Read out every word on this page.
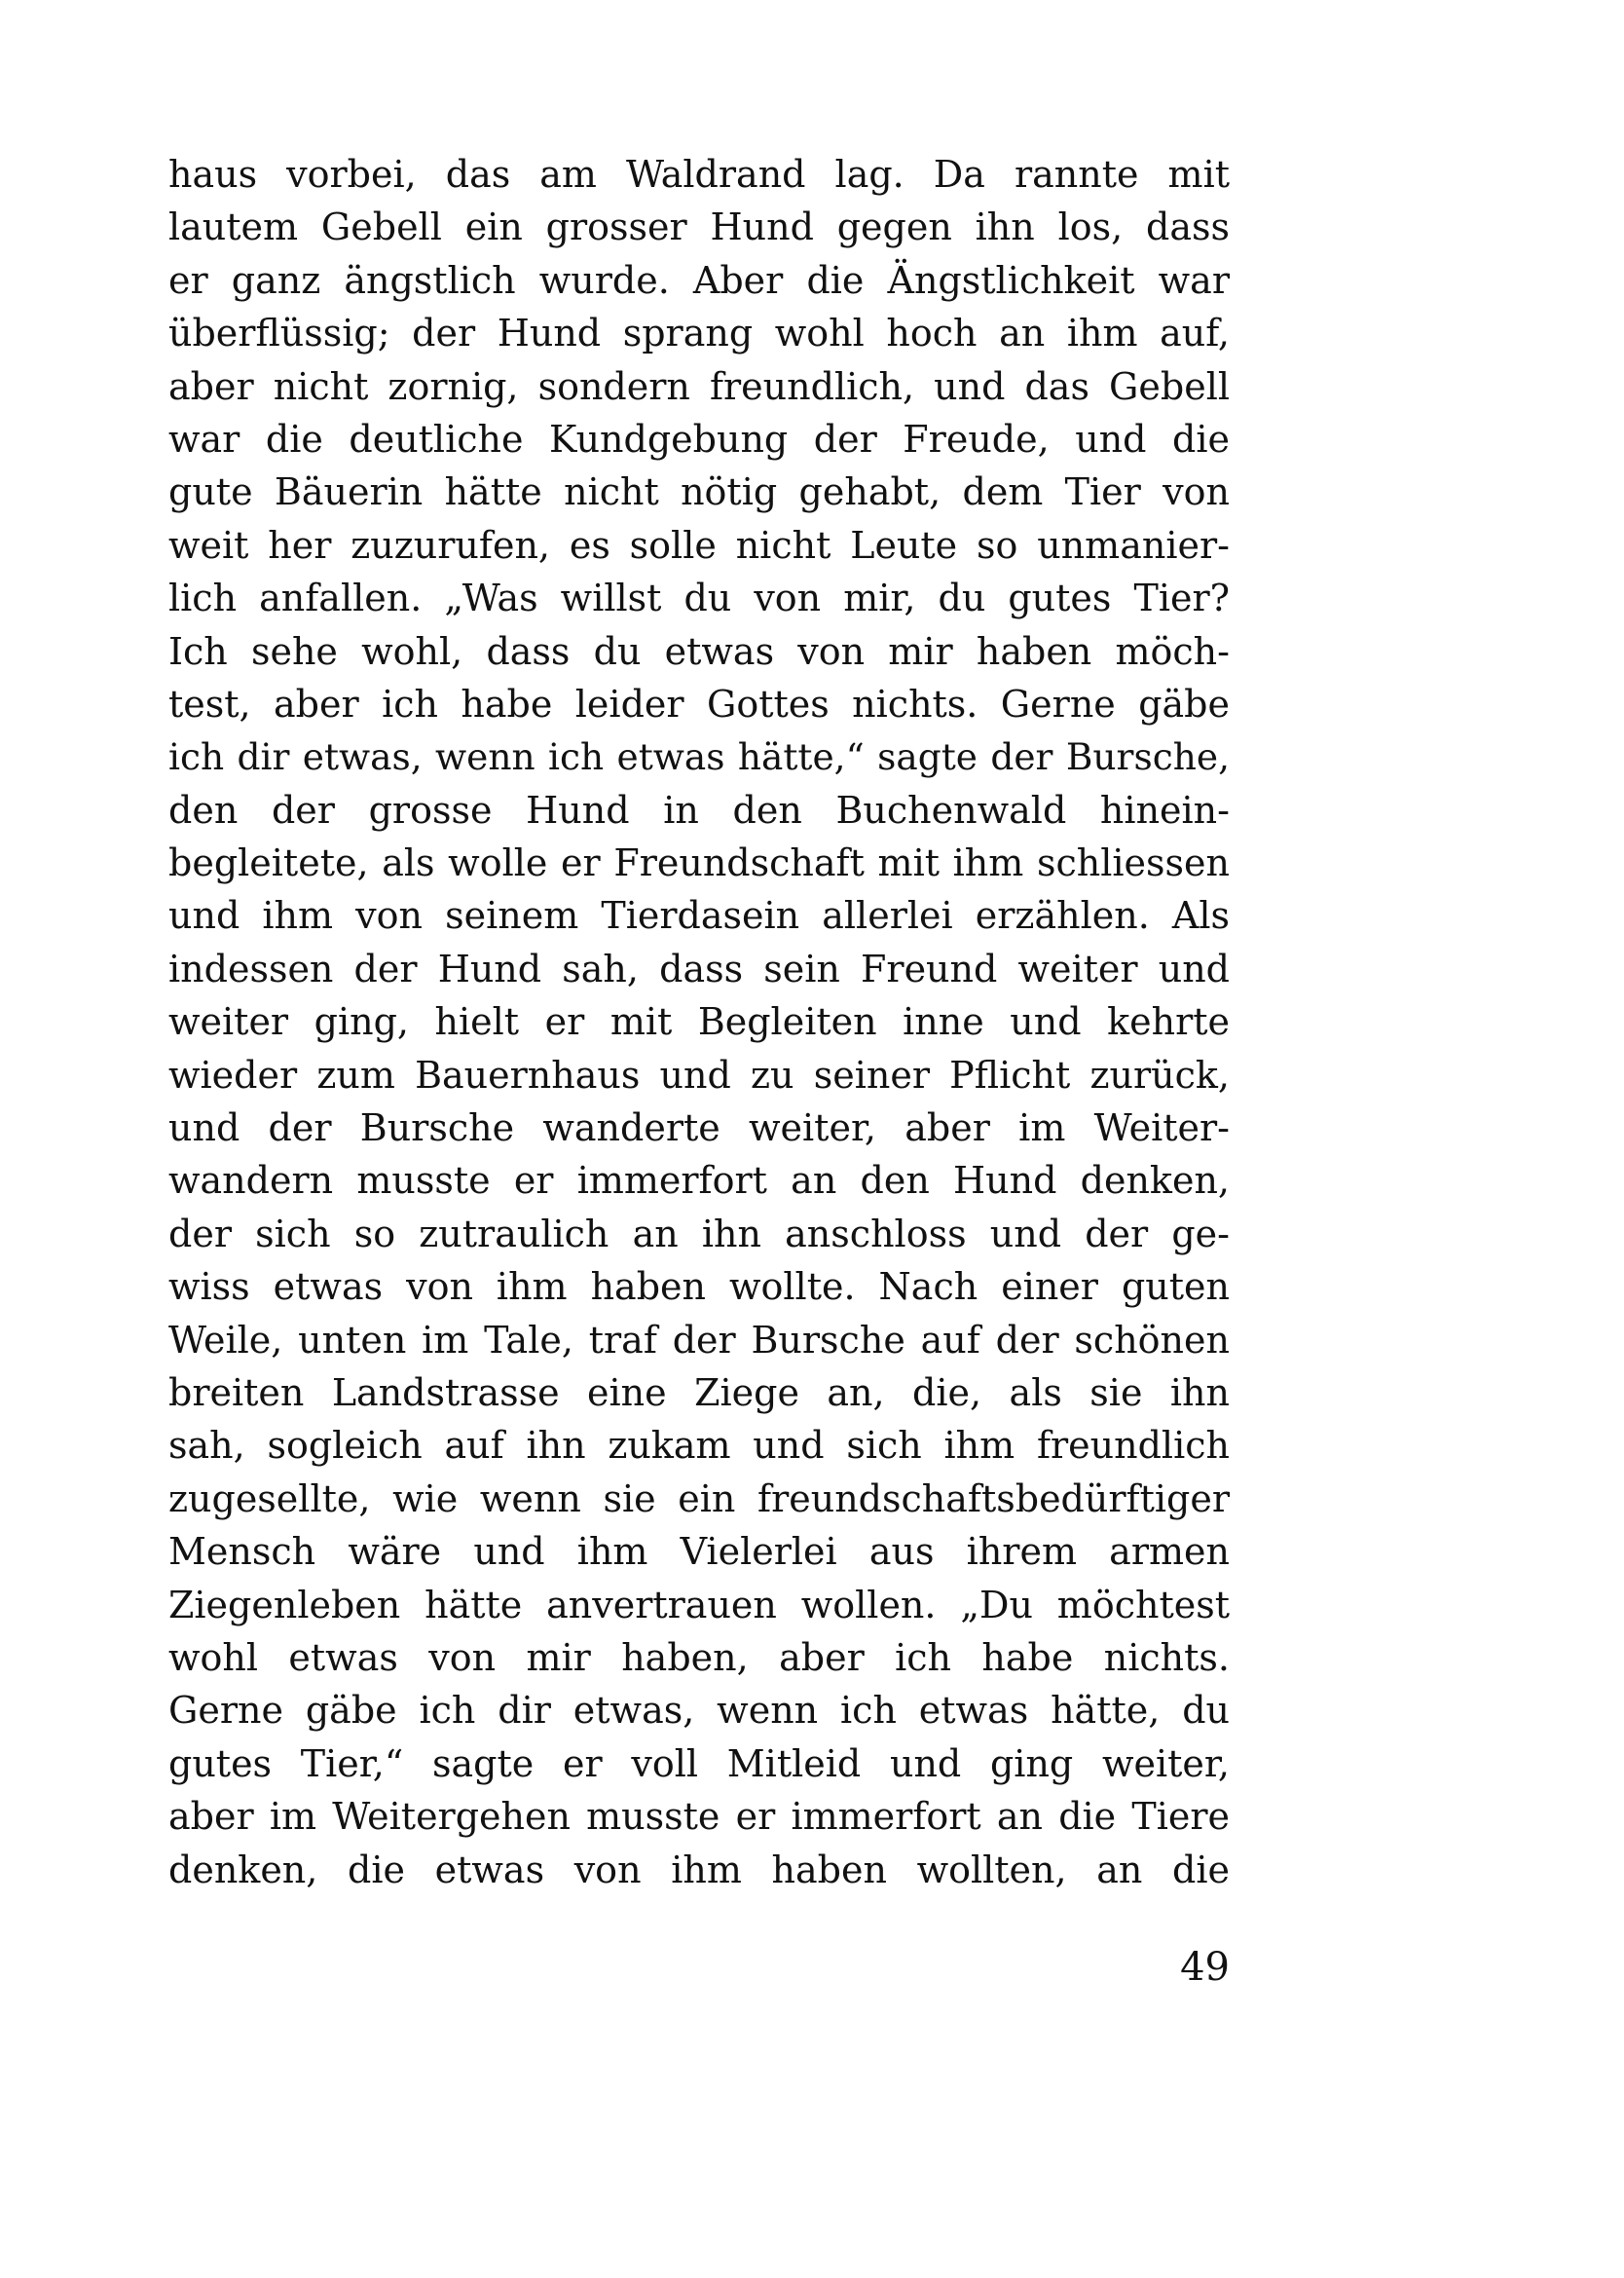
haus vorbei, das am Waldrand lag. Da rannte mit
lautem Gebell ein grosser Hund gegen ihn los, dass
er ganz ängstlich wurde. Aber die Ängstlichkeit war
überflüssig; der Hund sprang wohl hoch an ihm auf,
aber nicht zornig, sondern freundlich, und das Gebell
war die deutliche Kundgebung der Freude, und die
gute Bäuerin hätte nicht nötig gehabt, dem Tier von
weit her zuzurufen, es solle nicht Leute so unmanier-
lich anfallen. „Was willst du von mir, du gutes Tier?
Ich sehe wohl, dass du etwas von mir haben möch-
test, aber ich habe leider Gottes nichts. Gerne gäbe
ich dir etwas, wenn ich etwas hätte,“ sagte der Bursche,
den der grosse Hund in den Buchenwald hinein-
begleitete, als wolle er Freundschaft mit ihm schliessen
und ihm von seinem Tierdasein allerlei erzählen. Als
indessen der Hund sah, dass sein Freund weiter und
weiter ging, hielt er mit Begleiten inne und kehrte
wieder zum Bauernhaus und zu seiner Pflicht zurück,
und der Bursche wanderte weiter, aber im Weiter-
wandern musste er immerfort an den Hund denken,
der sich so zutraulich an ihn anschloss und der ge-
wiss etwas von ihm haben wollte. Nach einer guten
Weile, unten im Tale, traf der Bursche auf der schönen
breiten Landstrasse eine Ziege an, die, als sie ihn
sah, sogleich auf ihn zukam und sich ihm freundlich
zugesellte, wie wenn sie ein freundschaftsbedürftiger
Mensch wäre und ihm Vielerlei aus ihrem armen
Ziegenleben hätte anvertrauen wollen. „Du möchtest
wohl etwas von mir haben, aber ich habe nichts.
Gerne gäbe ich dir etwas, wenn ich etwas hätte, du
gutes Tier,“ sagte er voll Mitleid und ging weiter,
aber im Weitergehen musste er immerfort an die Tiere
denken, die etwas von ihm haben wollten, an die
49
